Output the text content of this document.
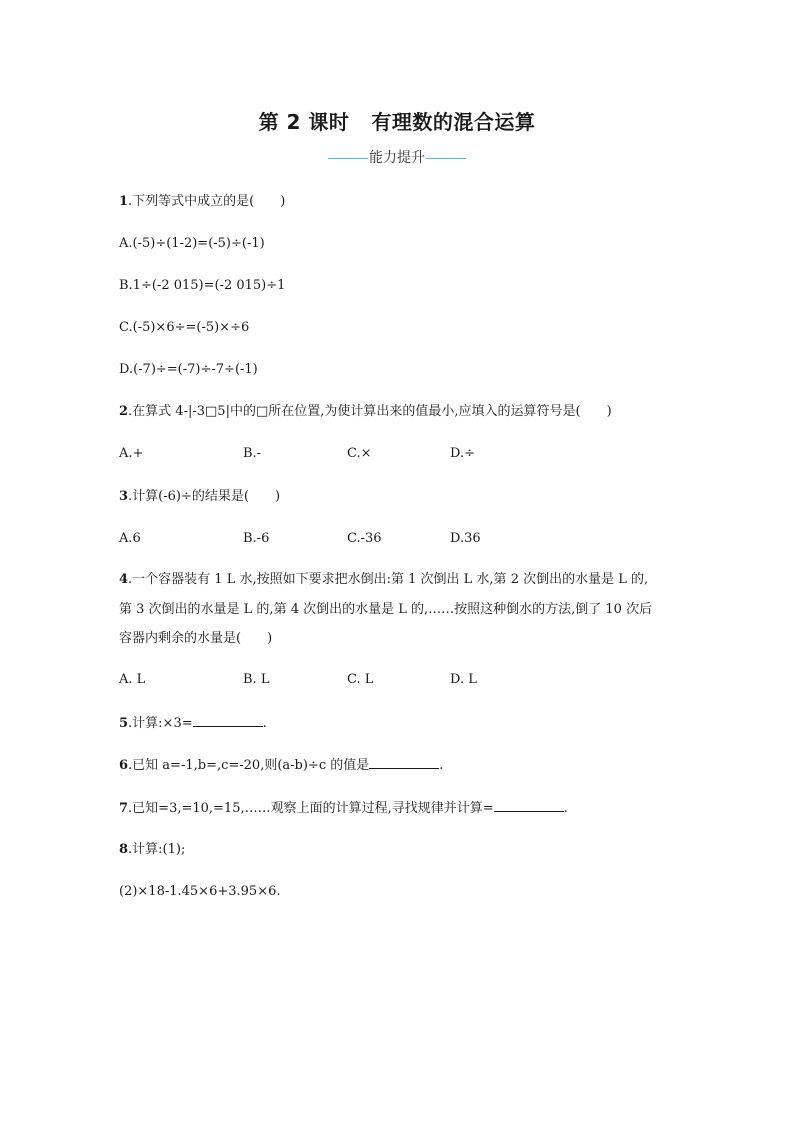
第 2 课时 有理数的混合运算
能力提升
1.下列等式中成立的是(　　)
A.(-5)÷(1-2)=(-5)÷(-1)
B.1÷(-2 015)=(-2 015)÷1
C.(-5)×6÷=(-5)×÷6
D.(-7)÷=(-7)÷-7÷(-1)
2.在算式 4-|-3□5|中的□所在位置,为使计算出来的值最小,应填入的运算符号是(　　)
A.+	B.-	C.×	D.÷
3.计算(-6)÷的结果是(　　)
A.6	B.-6	C.-36	D.36
4.一个容器装有 1 L 水,按照如下要求把水倒出:第 1 次倒出 L 水,第 2 次倒出的水量是 L 的,
第 3 次倒出的水量是 L 的,第 4 次倒出的水量是 L 的,……按照这种倒水的方法,倒了 10 次后
容器内剩余的水量是(　　)
A. L	B. L	C. L	D. L
5.计算:×3=	.
6.已知 a=-1,b=,c=-20,则(a-b)÷c 的值是	.
7.已知=3,=10,=15,……观察上面的计算过程,寻找规律并计算=	.
8.计算:(1);
(2)×18-1.45×6+3.95×6.
